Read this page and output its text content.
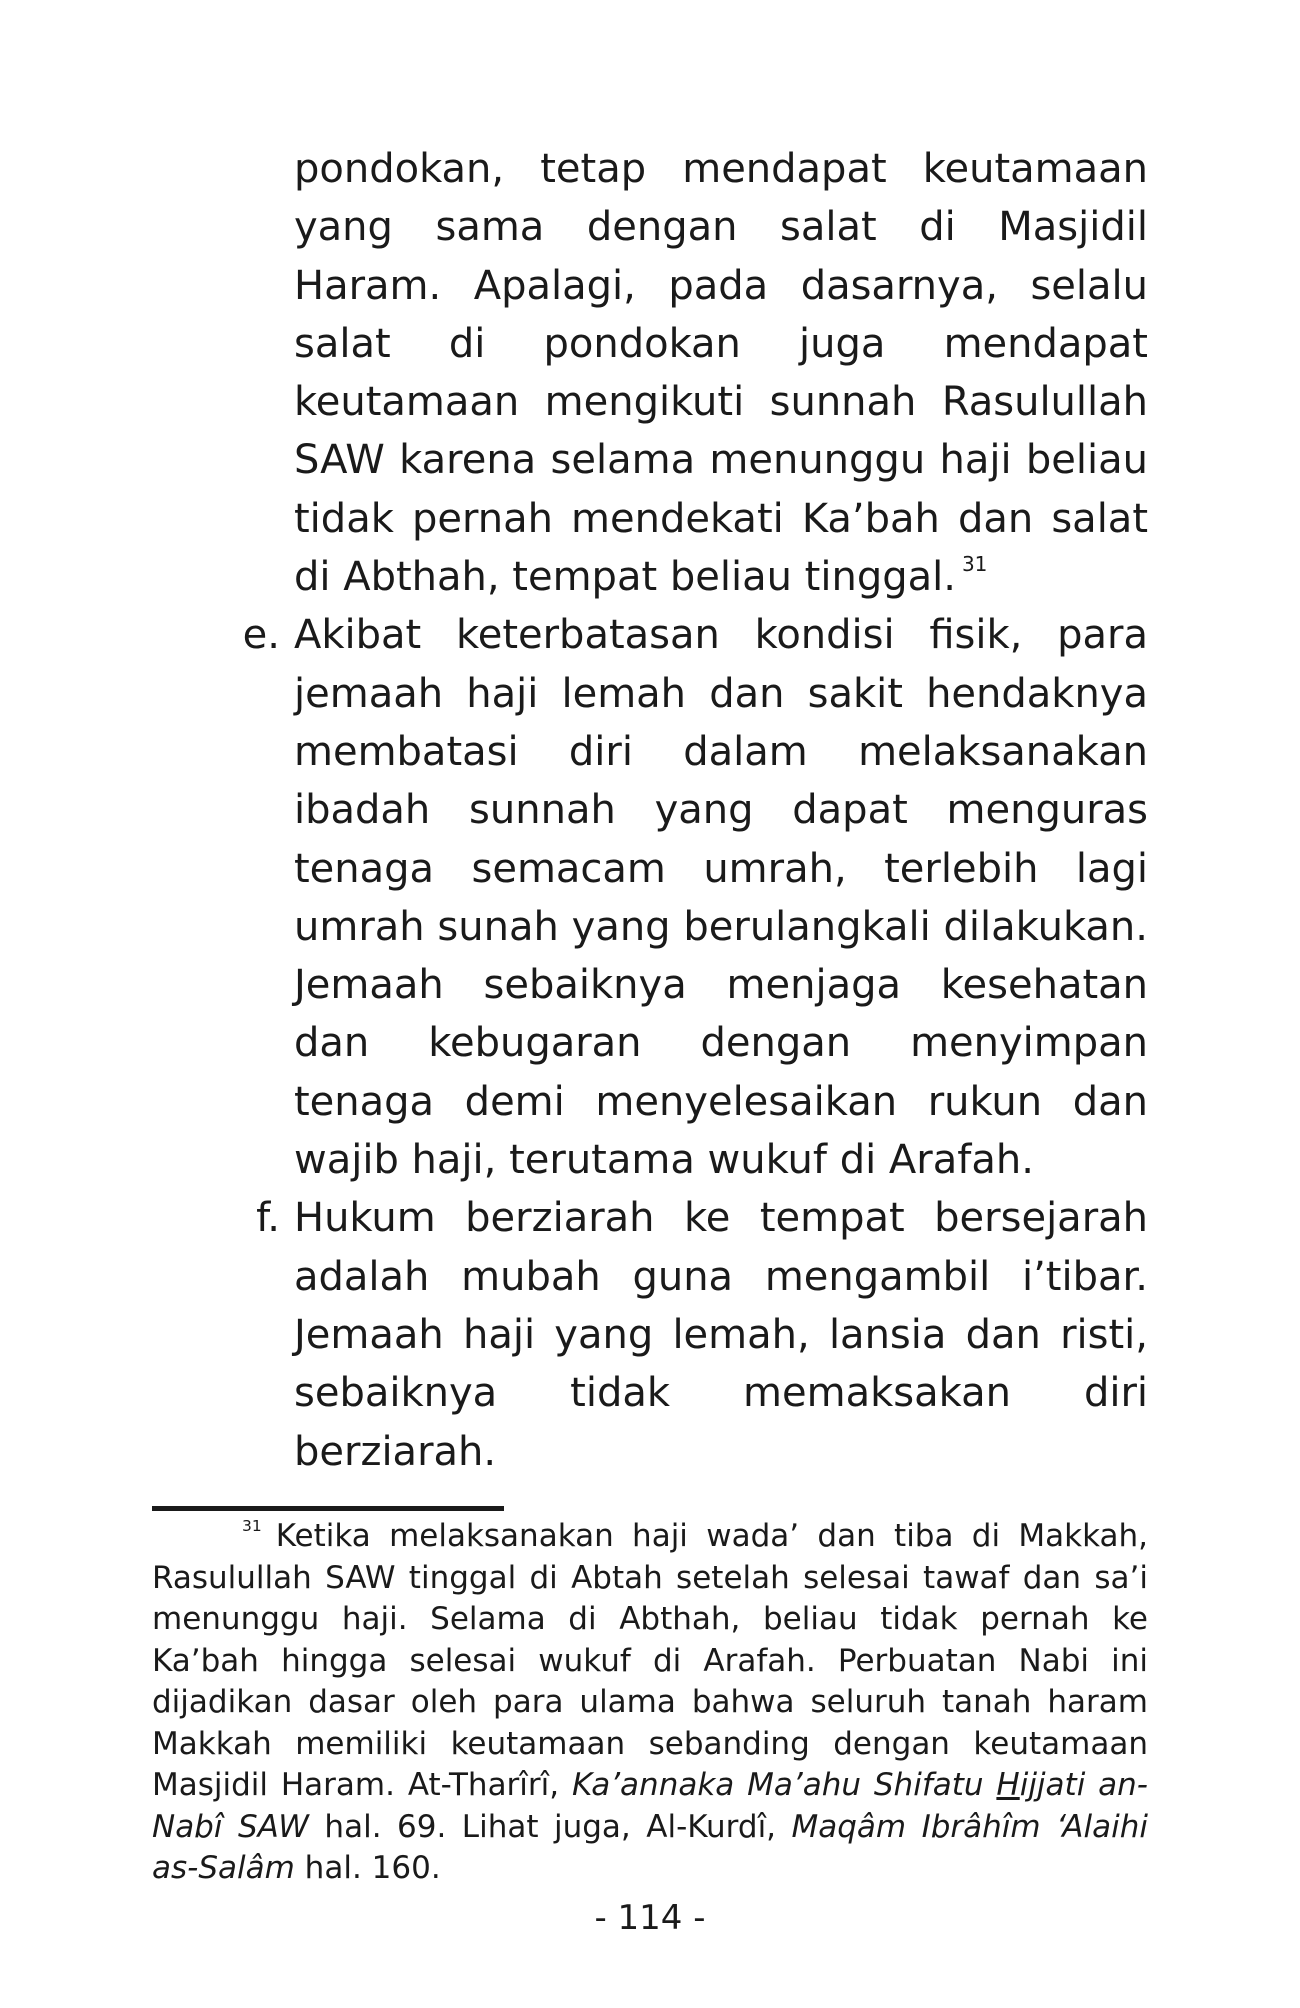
pondokan, tetap mendapat keutamaan yang sama dengan salat di Masjidil Haram. Apalagi, pada dasarnya, selalu salat di pondokan juga mendapat keutamaan mengikuti sunnah Rasulullah SAW karena selama menunggu haji beliau tidak pernah mendekati Ka’bah dan salat di Abthah, tempat beliau tinggal. $^{31}$

e. Akibat keterbatasan kondisi fisik, para jemaah haji lemah dan sakit hendaknya membatasi diri dalam melaksanakan ibadah sunnah yang dapat menguras tenaga semacam umrah, terlebih lagi umrah sunah yang berulangkali dilakukan. Jemaah sebaiknya menjaga kesehatan dan kebugaran dengan menyimpan tenaga demi menyelesaikan rukun dan wajib haji, terutama wukuf di Arafah.

f. Hukum berziarah ke tempat bersejarah adalah mubah guna mengambil i’tibar. Jemaah haji yang lemah, lansia dan risti, sebaiknya tidak memaksakan diri berziarah.

$^{31}$ Ketika melaksanakan haji wada’ dan tiba di Makkah, Rasulullah SAW tinggal di Abtah setelah selesai tawaf dan sa’i menunggu haji. Selama di Abthah, beliau tidak pernah ke Ka’bah hingga selesai wukuf di Arafah. Perbuatan Nabi ini dijadikan dasar oleh para ulama bahwa seluruh tanah haram Makkah memiliki keutamaan sebanding dengan keutamaan Masjidil Haram. At-Tharîrî, Ka’annaka Ma’ahu Shifatu Hijjati an-Nabî SAW hal. 69. Lihat juga, Al-Kurdî, Maqâm Ibrâhîm ‘Alaihi as-Salâm hal. 160.
- 114 -
